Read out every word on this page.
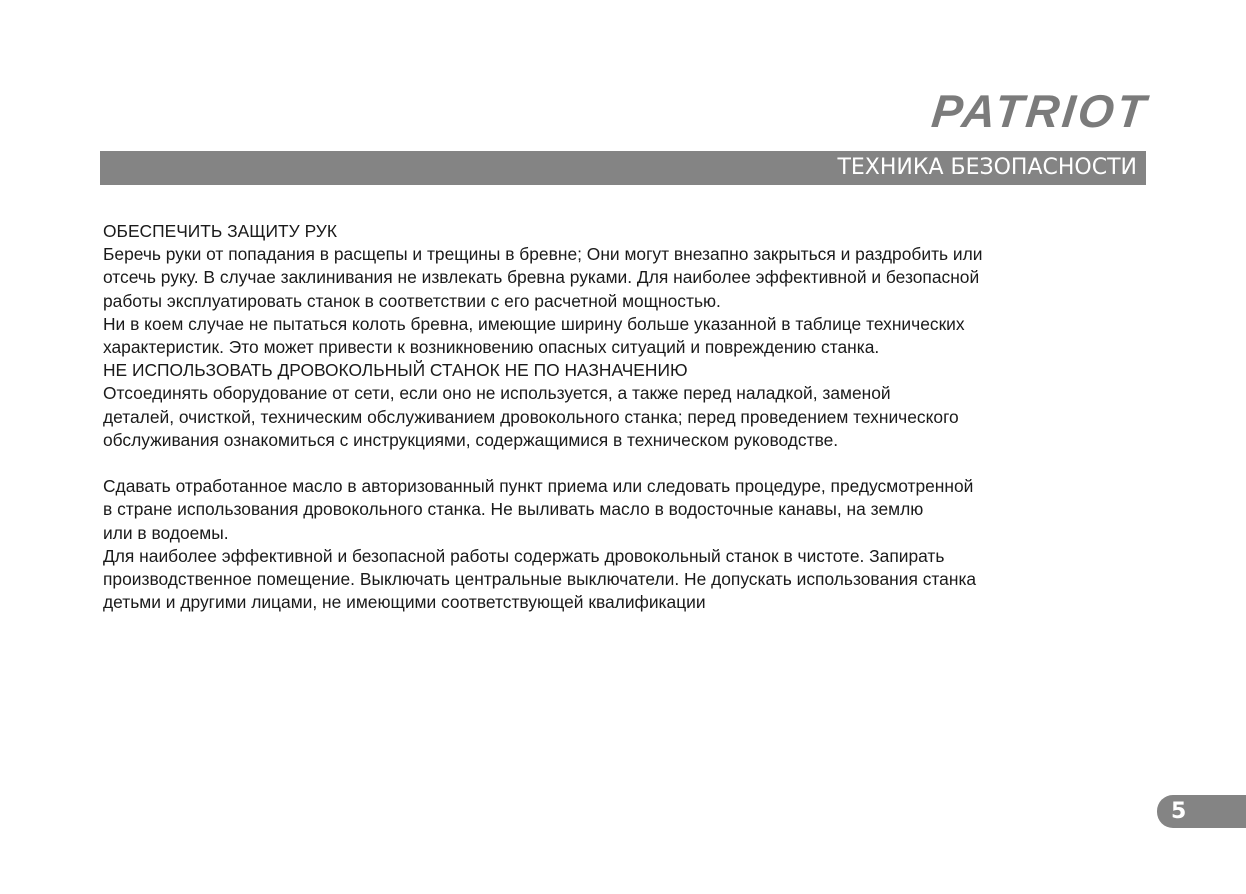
PATRIOT
ТЕХНИКА БЕЗОПАСНОСТИ

ОБЕСПЕЧИТЬ ЗАЩИТУ РУК

Беречь руки от попадания в расщепы и трещины в бревне; Они могут внезапно закрыться и раздробить или

отсечь руку. В случае заклинивания не извлекать бревна руками. Для наиболее эффективной и безопасной

работы эксплуатировать станок в соответствии с его расчетной мощностью.

Ни в коем случае не пытаться колоть бревна, имеющие ширину больше указанной в таблице технических

характеристик. Это может привести к возникновению опасных ситуаций и повреждению станка.

НЕ ИСПОЛЬЗОВАТЬ ДРОВОКОЛЬНЫЙ СТАНОК НЕ ПО НАЗНАЧЕНИЮ

Отсоединять оборудование от сети, если оно не используется, а также перед наладкой, заменой

деталей, очисткой, техническим обслуживанием дровокольного станка; перед проведением технического

обслуживания ознакомиться с инструкциями, содержащимися в техническом руководстве.

Сдавать отработанное масло в авторизованный пункт приема или следовать процедуре, предусмотренной

в стране использования дровокольного станка. Не выливать масло в водосточные канавы, на землю

или в водоемы.

Для наиболее эффективной и безопасной работы содержать дровокольный станок в чистоте. Запирать

производственное помещение. Выключать центральные выключатели. Не допускать использования станка

детьми и другими лицами, не имеющими соответствующей квалификации

5
